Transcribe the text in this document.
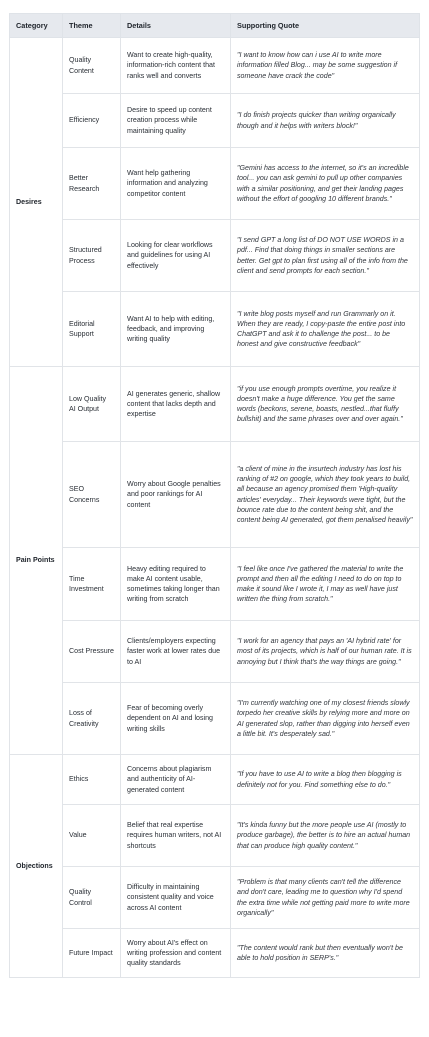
Category	Theme	Details	Supporting Quote
Desires	Quality Content	Want to create high-quality, information-rich content that ranks well and converts	"I want to know how can i use AI to write more information filled Blog... may be some suggestion if someone have crack the code"
	Efficiency	Desire to speed up content creation process while maintaining quality	"I do finish projects quicker than writing organically though and it helps with writers block!"
	Better Research	Want help gathering information and analyzing competitor content	"Gemini has access to the internet, so it's an incredible tool... you can ask gemini to pull up other companies with a similar positioning, and get their landing pages without the effort of googling 10 different brands."
	Structured Process	Looking for clear workflows and guidelines for using AI effectively	"I send GPT a long list of DO NOT USE WORDS in a pdf... Find that doing things in smaller sections are better. Get gpt to plan first using all of the info from the client and send prompts for each section."
	Editorial Support	Want AI to help with editing, feedback, and improving writing quality	"I write blog posts myself and run Grammarly on it. When they are ready, I copy-paste the entire post into ChatGPT and ask it to challenge the post... to be honest and give constructive feedback"
Pain Points	Low Quality AI Output	AI generates generic, shallow content that lacks depth and expertise	"if you use enough prompts overtime, you realize it doesn't make a huge difference. You get the same words (beckons, serene, boasts, nestled...that fluffy bullshit) and the same phrases over and over again."
	SEO Concerns	Worry about Google penalties and poor rankings for AI content	"a client of mine in the insurtech industry has lost his ranking of #2 on google, which they took years to build, all because an agency promised them 'High-quality articles' everyday... Their keywords were tight, but the bounce rate due to the content being shit, and the content being AI generated, got them penalised heavily"
	Time Investment	Heavy editing required to make AI content usable, sometimes taking longer than writing from scratch	"I feel like once I've gathered the material to write the prompt and then all the editing I need to do on top to make it sound like I wrote it, I may as well have just written the thing from scratch."
	Cost Pressure	Clients/employers expecting faster work at lower rates due to AI	"I work for an agency that pays an 'AI hybrid rate' for most of its projects, which is half of our human rate. It is annoying but I think that's the way things are going."
	Loss of Creativity	Fear of becoming overly dependent on AI and losing writing skills	"I'm currently watching one of my closest friends slowly torpedo her creative skills by relying more and more on AI generated slop, rather than digging into herself even a little bit. It's desperately sad."
Objections	Ethics	Concerns about plagiarism and authenticity of AI-generated content	"If you have to use AI to write a blog then blogging is definitely not for you. Find something else to do."
	Value	Belief that real expertise requires human writers, not AI shortcuts	"It's kinda funny but the more people use AI (mostly to produce garbage), the better is to hire an actual human that can produce high quality content."
	Quality Control	Difficulty in maintaining consistent quality and voice across AI content	"Problem is that many clients can't tell the difference and don't care, leading me to question why I'd spend the extra time while not getting paid more to write more organically"
	Future Impact	Worry about AI's effect on writing profession and content quality standards	"The content would rank but then eventually won't be able to hold position in SERP's."
